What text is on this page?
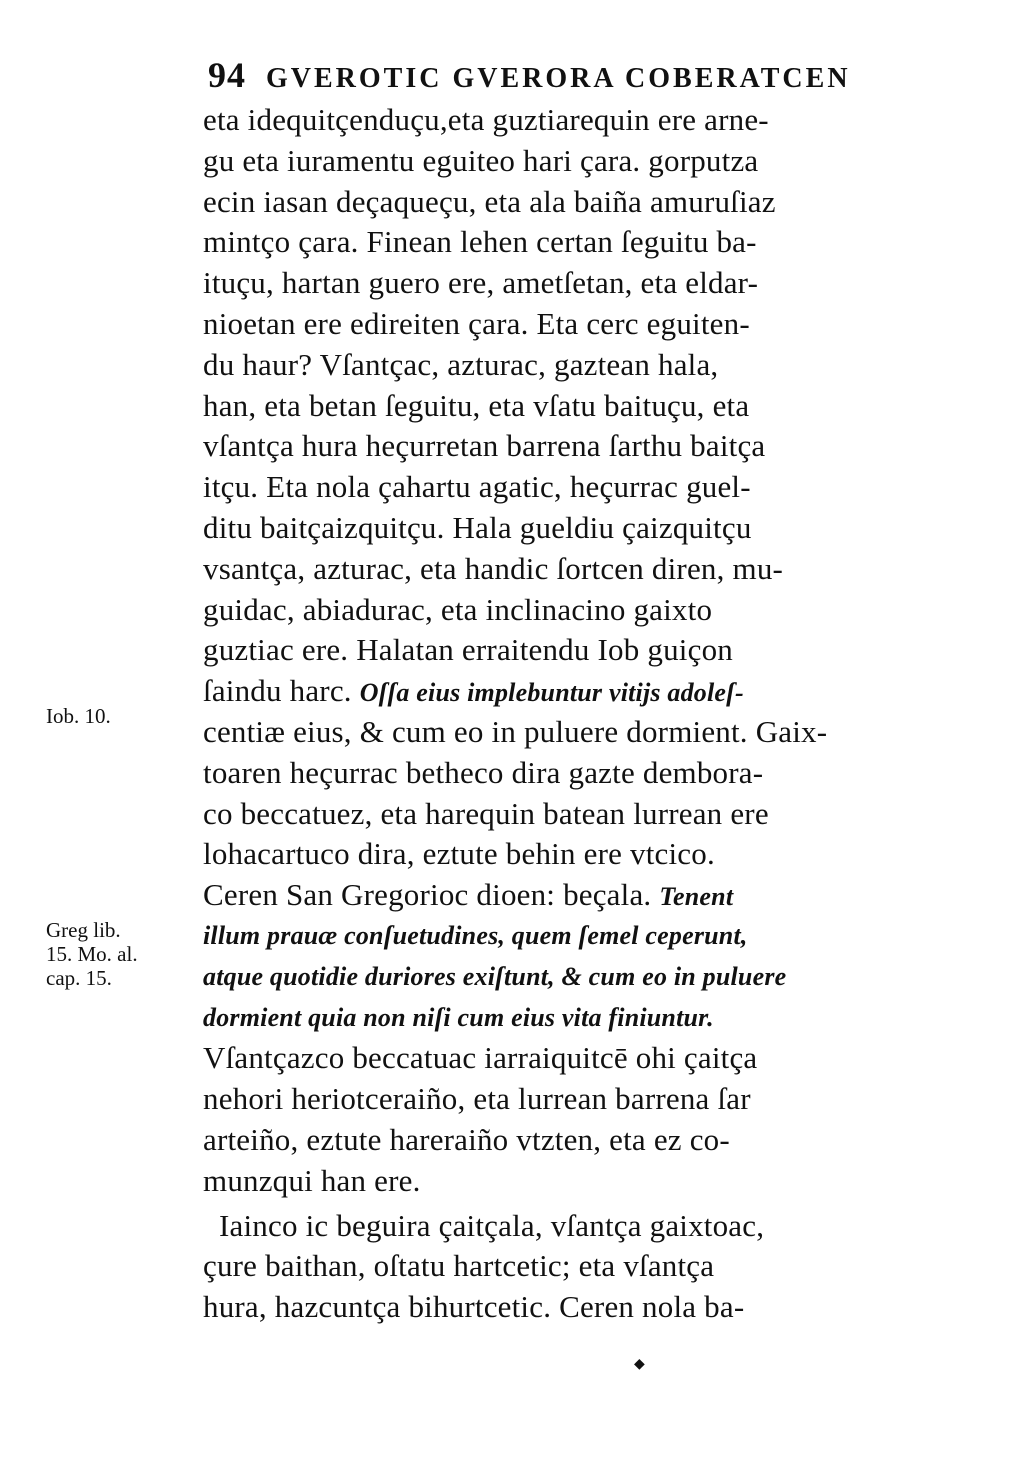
94 GVEROTIC GVERORA COBERATCEN
Iob. 10.
Greg lib.
15. Mo. al.
cap. 15.
eta idequitçenduçu,eta guztiarequin ere arne-
gu eta iuramentu eguiteo hari çara. gorputza
ecin iasan deçaqueçu, eta ala baiña amuruſiaz
mintço çara. Finean lehen certan ſeguitu ba-
ituçu, hartan guero ere, ametſetan, eta eldar-
nioetan ere edireiten çara. Eta cerc eguiten-
du haur? Vſantçac, azturac, gaztean hala,
han, eta betan ſeguitu, eta vſatu baituçu, eta
vſantça hura heçurretan barrena ſarthu baitça
itçu. Eta nola çahartu agatic, heçurrac guel-
ditu baitçaizquitçu. Hala gueldiu çaizquitçu
vsantça, azturac, eta handic ſortcen diren, mu-
guidac, abiadurac, eta inclinacino gaixto
guztiac ere. Halatan erraitendu Iob guiçon
ſaindu harc. Oſſa eius implebuntur vitijs adoleſ-
centiæ eius, & cum eo in puluere dormient. Gaix-
toaren heçurrac betheco dira gazte dembora-
co beccatuez, eta harequin batean lurrean ere
lohacartuco dira, eztute behin ere vtcico.
Ceren San Gregorioc dioen: beçala. Tenent
illum prauæ conſuetudines, quem ſemel ceperunt,
atque quotidie duriores exiſtunt, & cum eo in puluere
dormient quia non niſi cum eius vita finiuntur.
Vſantçazco beccatuac iarraiquitcē ohi çaitça
nehori heriotceraiño, eta lurrean barrena ſar
arteiño, eztute hareraiño vtzten, eta ez co-
munzqui han ere.
Iainco ic beguira çaitçala, vſantça gaixtoac,
çure baithan, oſtatu hartcetic; eta vſantça
hura, hazcuntça bihurtcetic. Ceren nola ba-
◆
